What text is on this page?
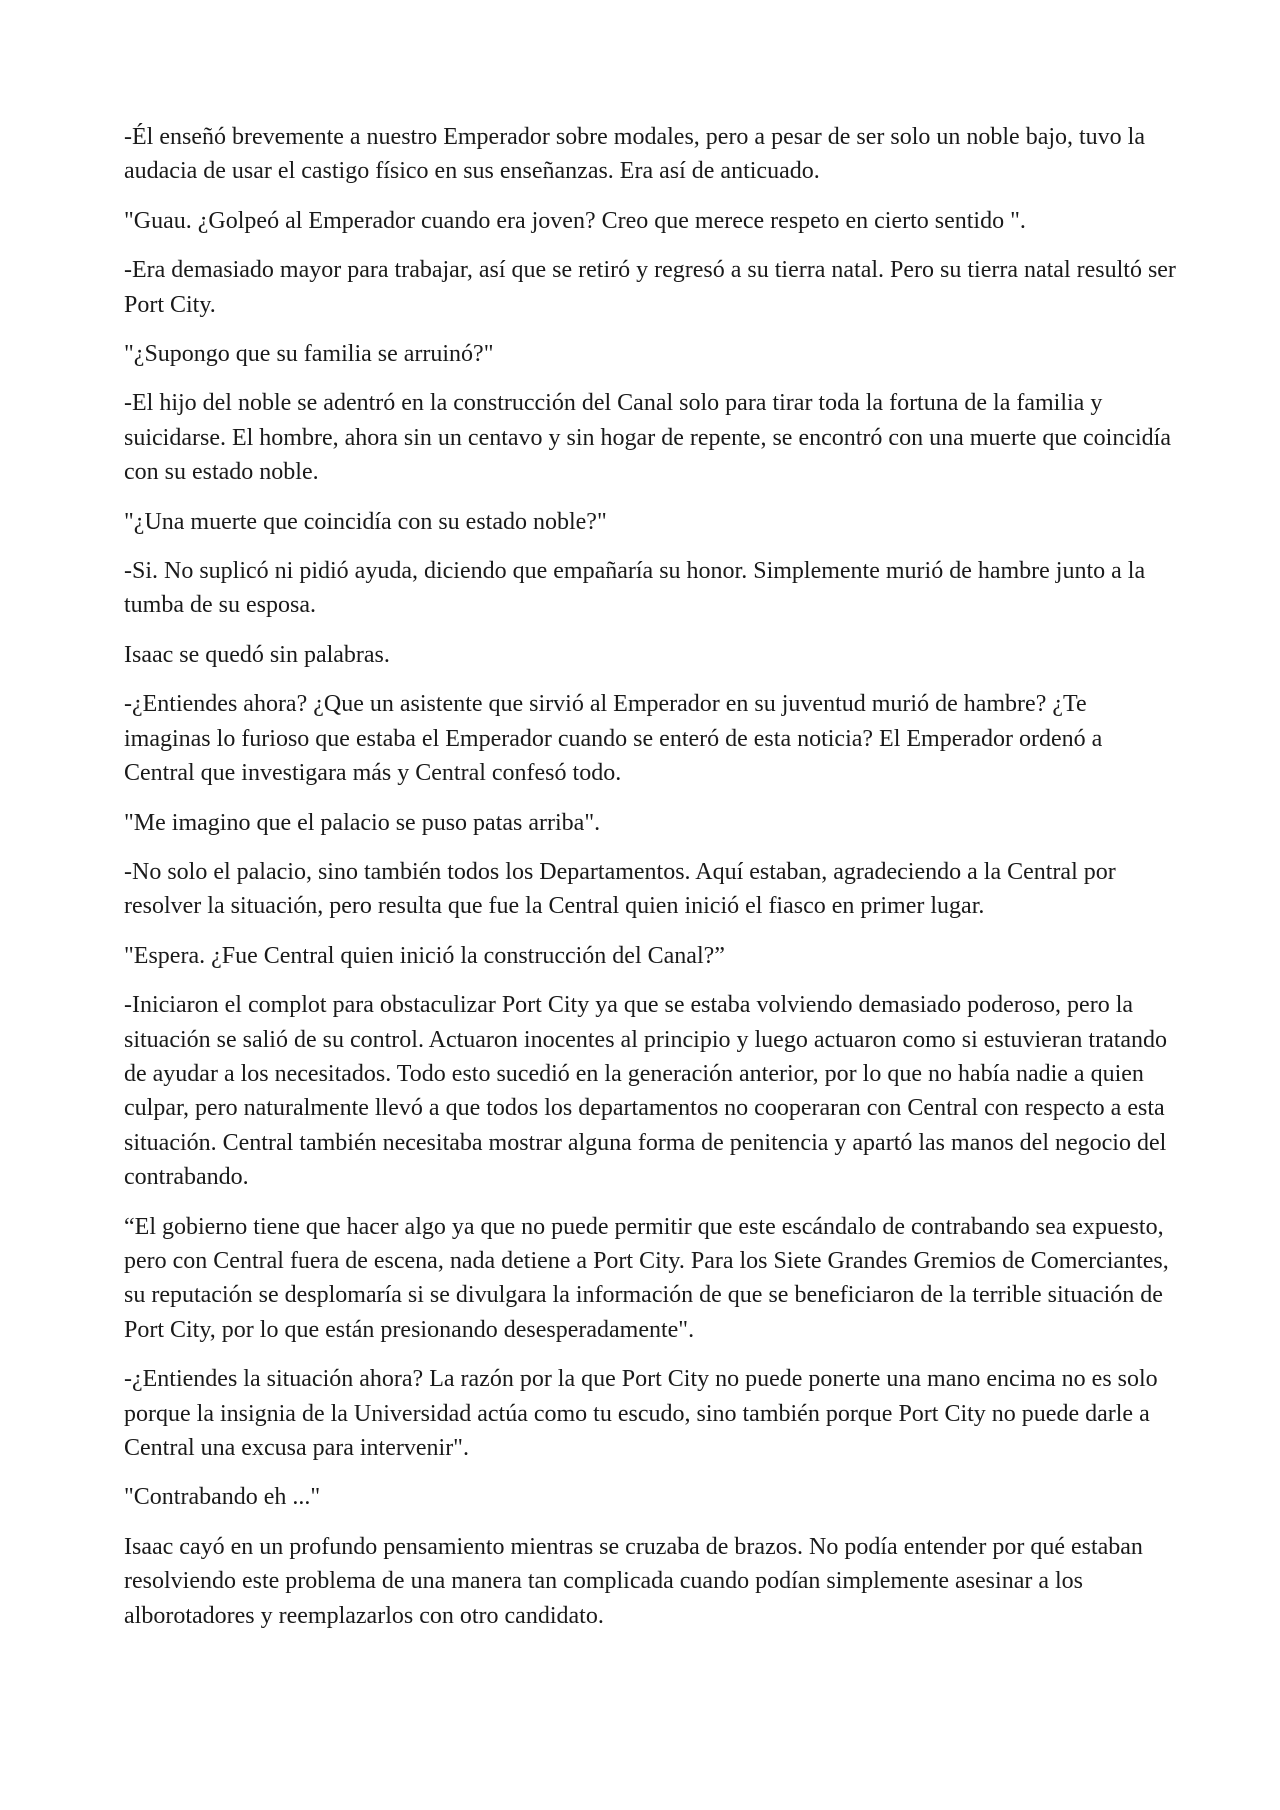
-Él enseñó brevemente a nuestro Emperador sobre modales, pero a pesar de ser solo un noble bajo, tuvo la audacia de usar el castigo físico en sus enseñanzas. Era así de anticuado.

"Guau. ¿Golpeó al Emperador cuando era joven? Creo que merece respeto en cierto sentido ".

-Era demasiado mayor para trabajar, así que se retiró y regresó a su tierra natal. Pero su tierra natal resultó ser Port City.

"¿Supongo que su familia se arruinó?"

-El hijo del noble se adentró en la construcción del Canal solo para tirar toda la fortuna de la familia y suicidarse. El hombre, ahora sin un centavo y sin hogar de repente, se encontró con una muerte que coincidía con su estado noble.

"¿Una muerte que coincidía con su estado noble?"

-Si. No suplicó ni pidió ayuda, diciendo que empañaría su honor. Simplemente murió de hambre junto a la tumba de su esposa.

Isaac se quedó sin palabras.

-¿Entiendes ahora? ¿Que un asistente que sirvió al Emperador en su juventud murió de hambre? ¿Te imaginas lo furioso que estaba el Emperador cuando se enteró de esta noticia? El Emperador ordenó a Central que investigara más y Central confesó todo.

"Me imagino que el palacio se puso patas arriba".

-No solo el palacio, sino también todos los Departamentos. Aquí estaban, agradeciendo a la Central por resolver la situación, pero resulta que fue la Central quien inició el fiasco en primer lugar.

"Espera. ¿Fue Central quien inició la construcción del Canal?”

-Iniciaron el complot para obstaculizar Port City ya que se estaba volviendo demasiado poderoso, pero la situación se salió de su control. Actuaron inocentes al principio y luego actuaron como si estuvieran tratando de ayudar a los necesitados. Todo esto sucedió en la generación anterior, por lo que no había nadie a quien culpar, pero naturalmente llevó a que todos los departamentos no cooperaran con Central con respecto a esta situación. Central también necesitaba mostrar alguna forma de penitencia y apartó las manos del negocio del contrabando.

“El gobierno tiene que hacer algo ya que no puede permitir que este escándalo de contrabando sea expuesto, pero con Central fuera de escena, nada detiene a Port City. Para los Siete Grandes Gremios de Comerciantes, su reputación se desplomaría si se divulgara la información de que se beneficiaron de la terrible situación de Port City, por lo que están presionando desesperadamente".

-¿Entiendes la situación ahora? La razón por la que Port City no puede ponerte una mano encima no es solo porque la insignia de la Universidad actúa como tu escudo, sino también porque Port City no puede darle a Central una excusa para intervenir".

"Contrabando eh ..."

Isaac cayó en un profundo pensamiento mientras se cruzaba de brazos. No podía entender por qué estaban resolviendo este problema de una manera tan complicada cuando podían simplemente asesinar a los alborotadores y reemplazarlos con otro candidato.
